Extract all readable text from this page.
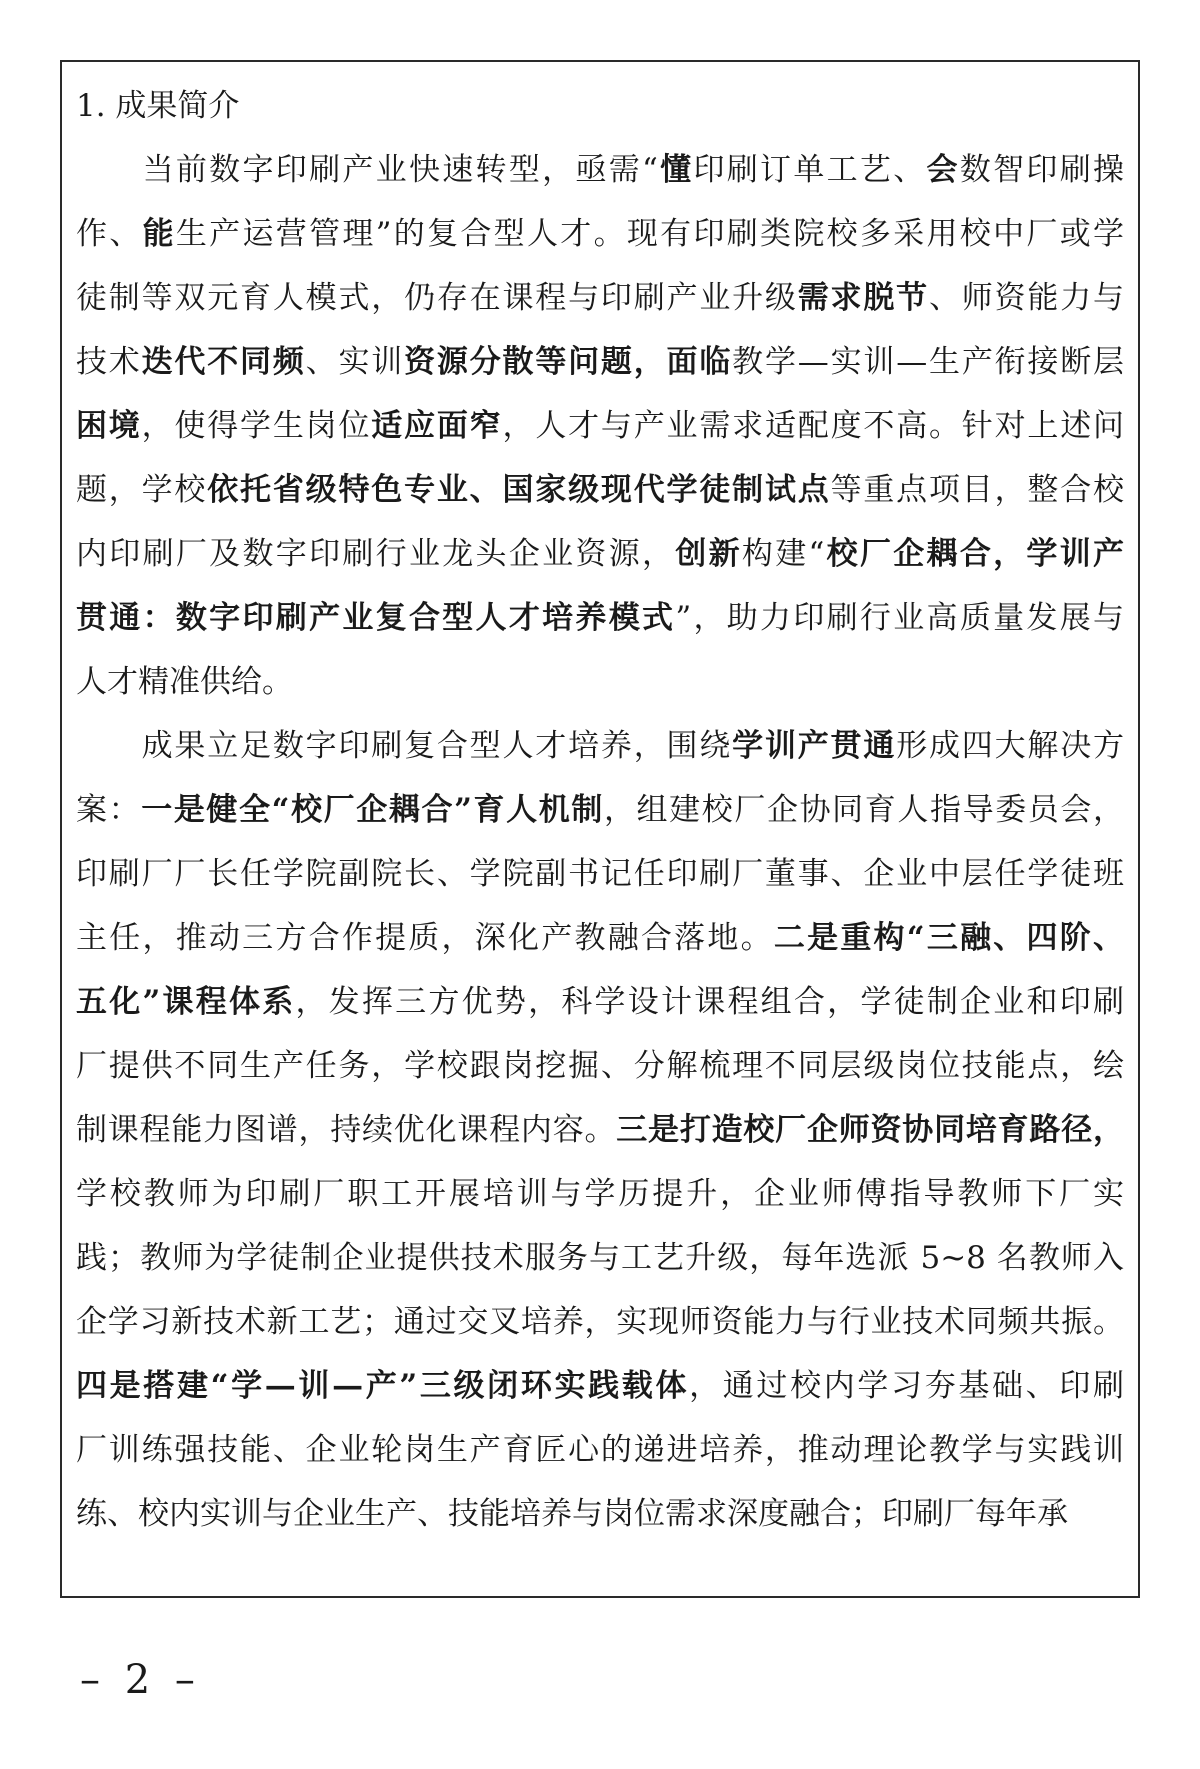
1. 成果简介
　　当前数字印刷产业快速转型，亟需“懂印刷订单工艺、会数智印刷操
作、能生产运营管理”的复合型人才。现有印刷类院校多采用校中厂或学
徒制等双元育人模式，仍存在课程与印刷产业升级需求脱节、师资能力与
技术迭代不同频、实训资源分散等问题，面临教学—实训—生产衔接断层
困境，使得学生岗位适应面窄，人才与产业需求适配度不高。针对上述问
题，学校依托省级特色专业、国家级现代学徒制试点等重点项目，整合校
内印刷厂及数字印刷行业龙头企业资源，创新构建“校厂企耦合，学训产
贯通：数字印刷产业复合型人才培养模式”，助力印刷行业高质量发展与
人才精准供给。
　　成果立足数字印刷复合型人才培养，围绕学训产贯通形成四大解决方
案：一是健全“校厂企耦合”育人机制，组建校厂企协同育人指导委员会，
印刷厂厂长任学院副院长、学院副书记任印刷厂董事、企业中层任学徒班
主任，推动三方合作提质，深化产教融合落地。二是重构“三融、四阶、
五化”课程体系，发挥三方优势，科学设计课程组合，学徒制企业和印刷
厂提供不同生产任务，学校跟岗挖掘、分解梳理不同层级岗位技能点，绘
制课程能力图谱，持续优化课程内容。三是打造校厂企师资协同培育路径，
学校教师为印刷厂职工开展培训与学历提升，企业师傅指导教师下厂实
践；教师为学徒制企业提供技术服务与工艺升级，每年选派 5~8 名教师入
企学习新技术新工艺；通过交叉培养，实现师资能力与行业技术同频共振。
四是搭建“学—训—产”三级闭环实践载体，通过校内学习夯基础、印刷
厂训练强技能、企业轮岗生产育匠心的递进培养，推动理论教学与实践训
练、校内实训与企业生产、技能培养与岗位需求深度融合；印刷厂每年承
– 2 –
